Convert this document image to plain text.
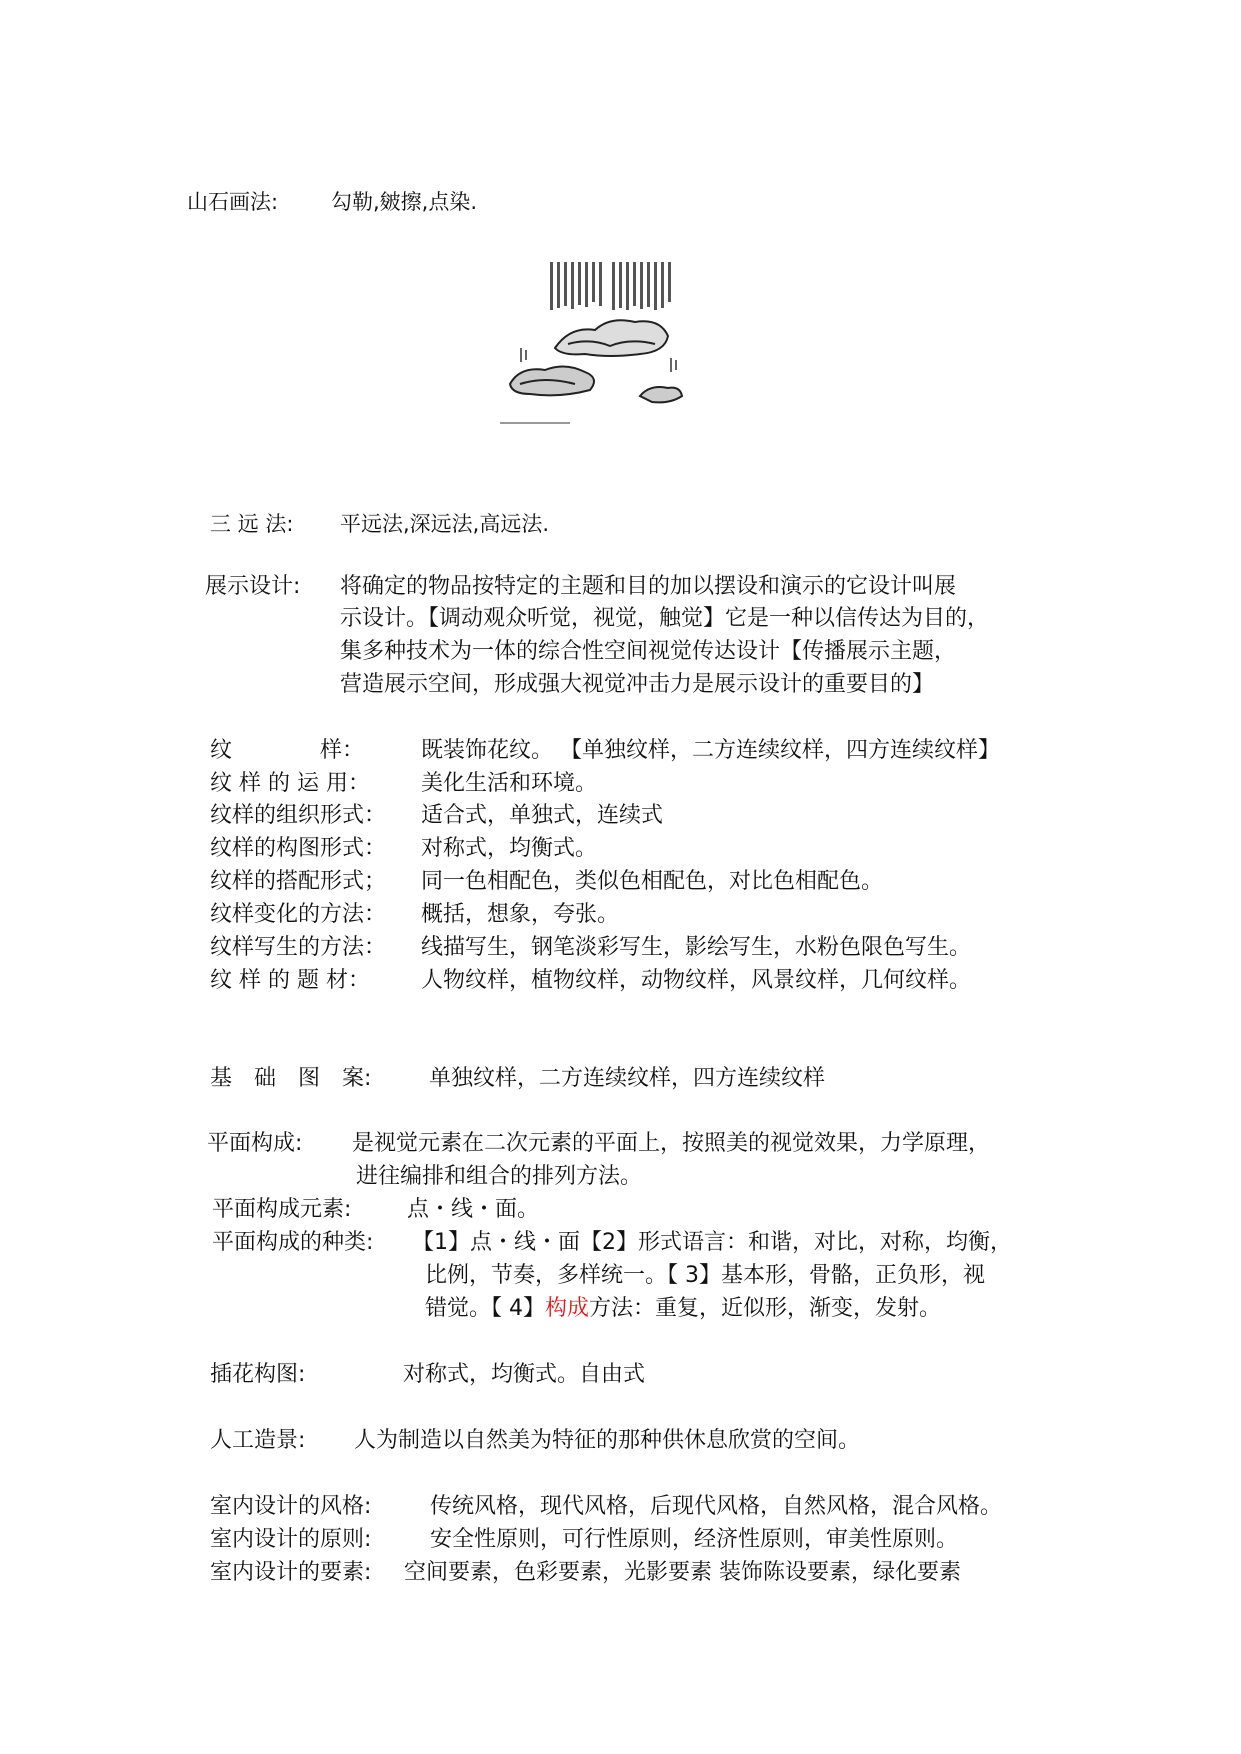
山石画法:	勾勒,皴擦,点染.
三 远 法: 平远法,深远法,高远法.
展示设计: 将确定的物品按特定的主题和目的加以摆设和演示的它设计叫展
示设计。【调动观众听觉，视觉，触觉】它是一种以信传达为目的，
集多种技术为一体的综合性空间视觉传达设计【传播展示主题，
营造展示空间，形成强大视觉冲击力是展示设计的重要目的】
纹　　　　样：	既装饰花纹。 【单独纹样，二方连续纹样，四方连续纹样】
纹 样 的 运 用： 美化生活和环境。
纹样的组织形式： 适合式，单独式，连续式
纹样的构图形式： 对称式，均衡式。
纹样的搭配形式； 同一色相配色，类似色相配色，对比色相配色。
纹样变化的方法： 概括，想象，夸张。
纹样写生的方法： 线描写生，钢笔淡彩写生，影绘写生，水粉色限色写生。
纹 样 的 题 材： 人物纹样，植物纹样，动物纹样，风景纹样，几何纹样。
基　础　图　案:	单独纹样，二方连续纹样，四方连续纹样
平面构成: 是视觉元素在二次元素的平面上，按照美的视觉效果，力学原理，
进往编排和组合的排列方法。
平面构成元素:	点・线・面。
平面构成的种类: 【1】点・线・面【2】形式语言：和谐，对比，对称，均衡，
比例，节奏，多样统一。【 3】基本形，骨骼，正负形，视
错觉。【 4】构成方法：重复，近似形，渐变，发射。
插花构图:	对称式，均衡式。自由式
人工造景: 人为制造以自然美为特征的那种供休息欣赏的空间。
室内设计的风格:	传统风格，现代风格，后现代风格，自然风格，混合风格。
室内设计的原则:	安全性原则，可行性原则，经济性原则，审美性原则。
室内设计的要素: 空间要素，色彩要素，光影要素 装饰陈设要素，绿化要素
